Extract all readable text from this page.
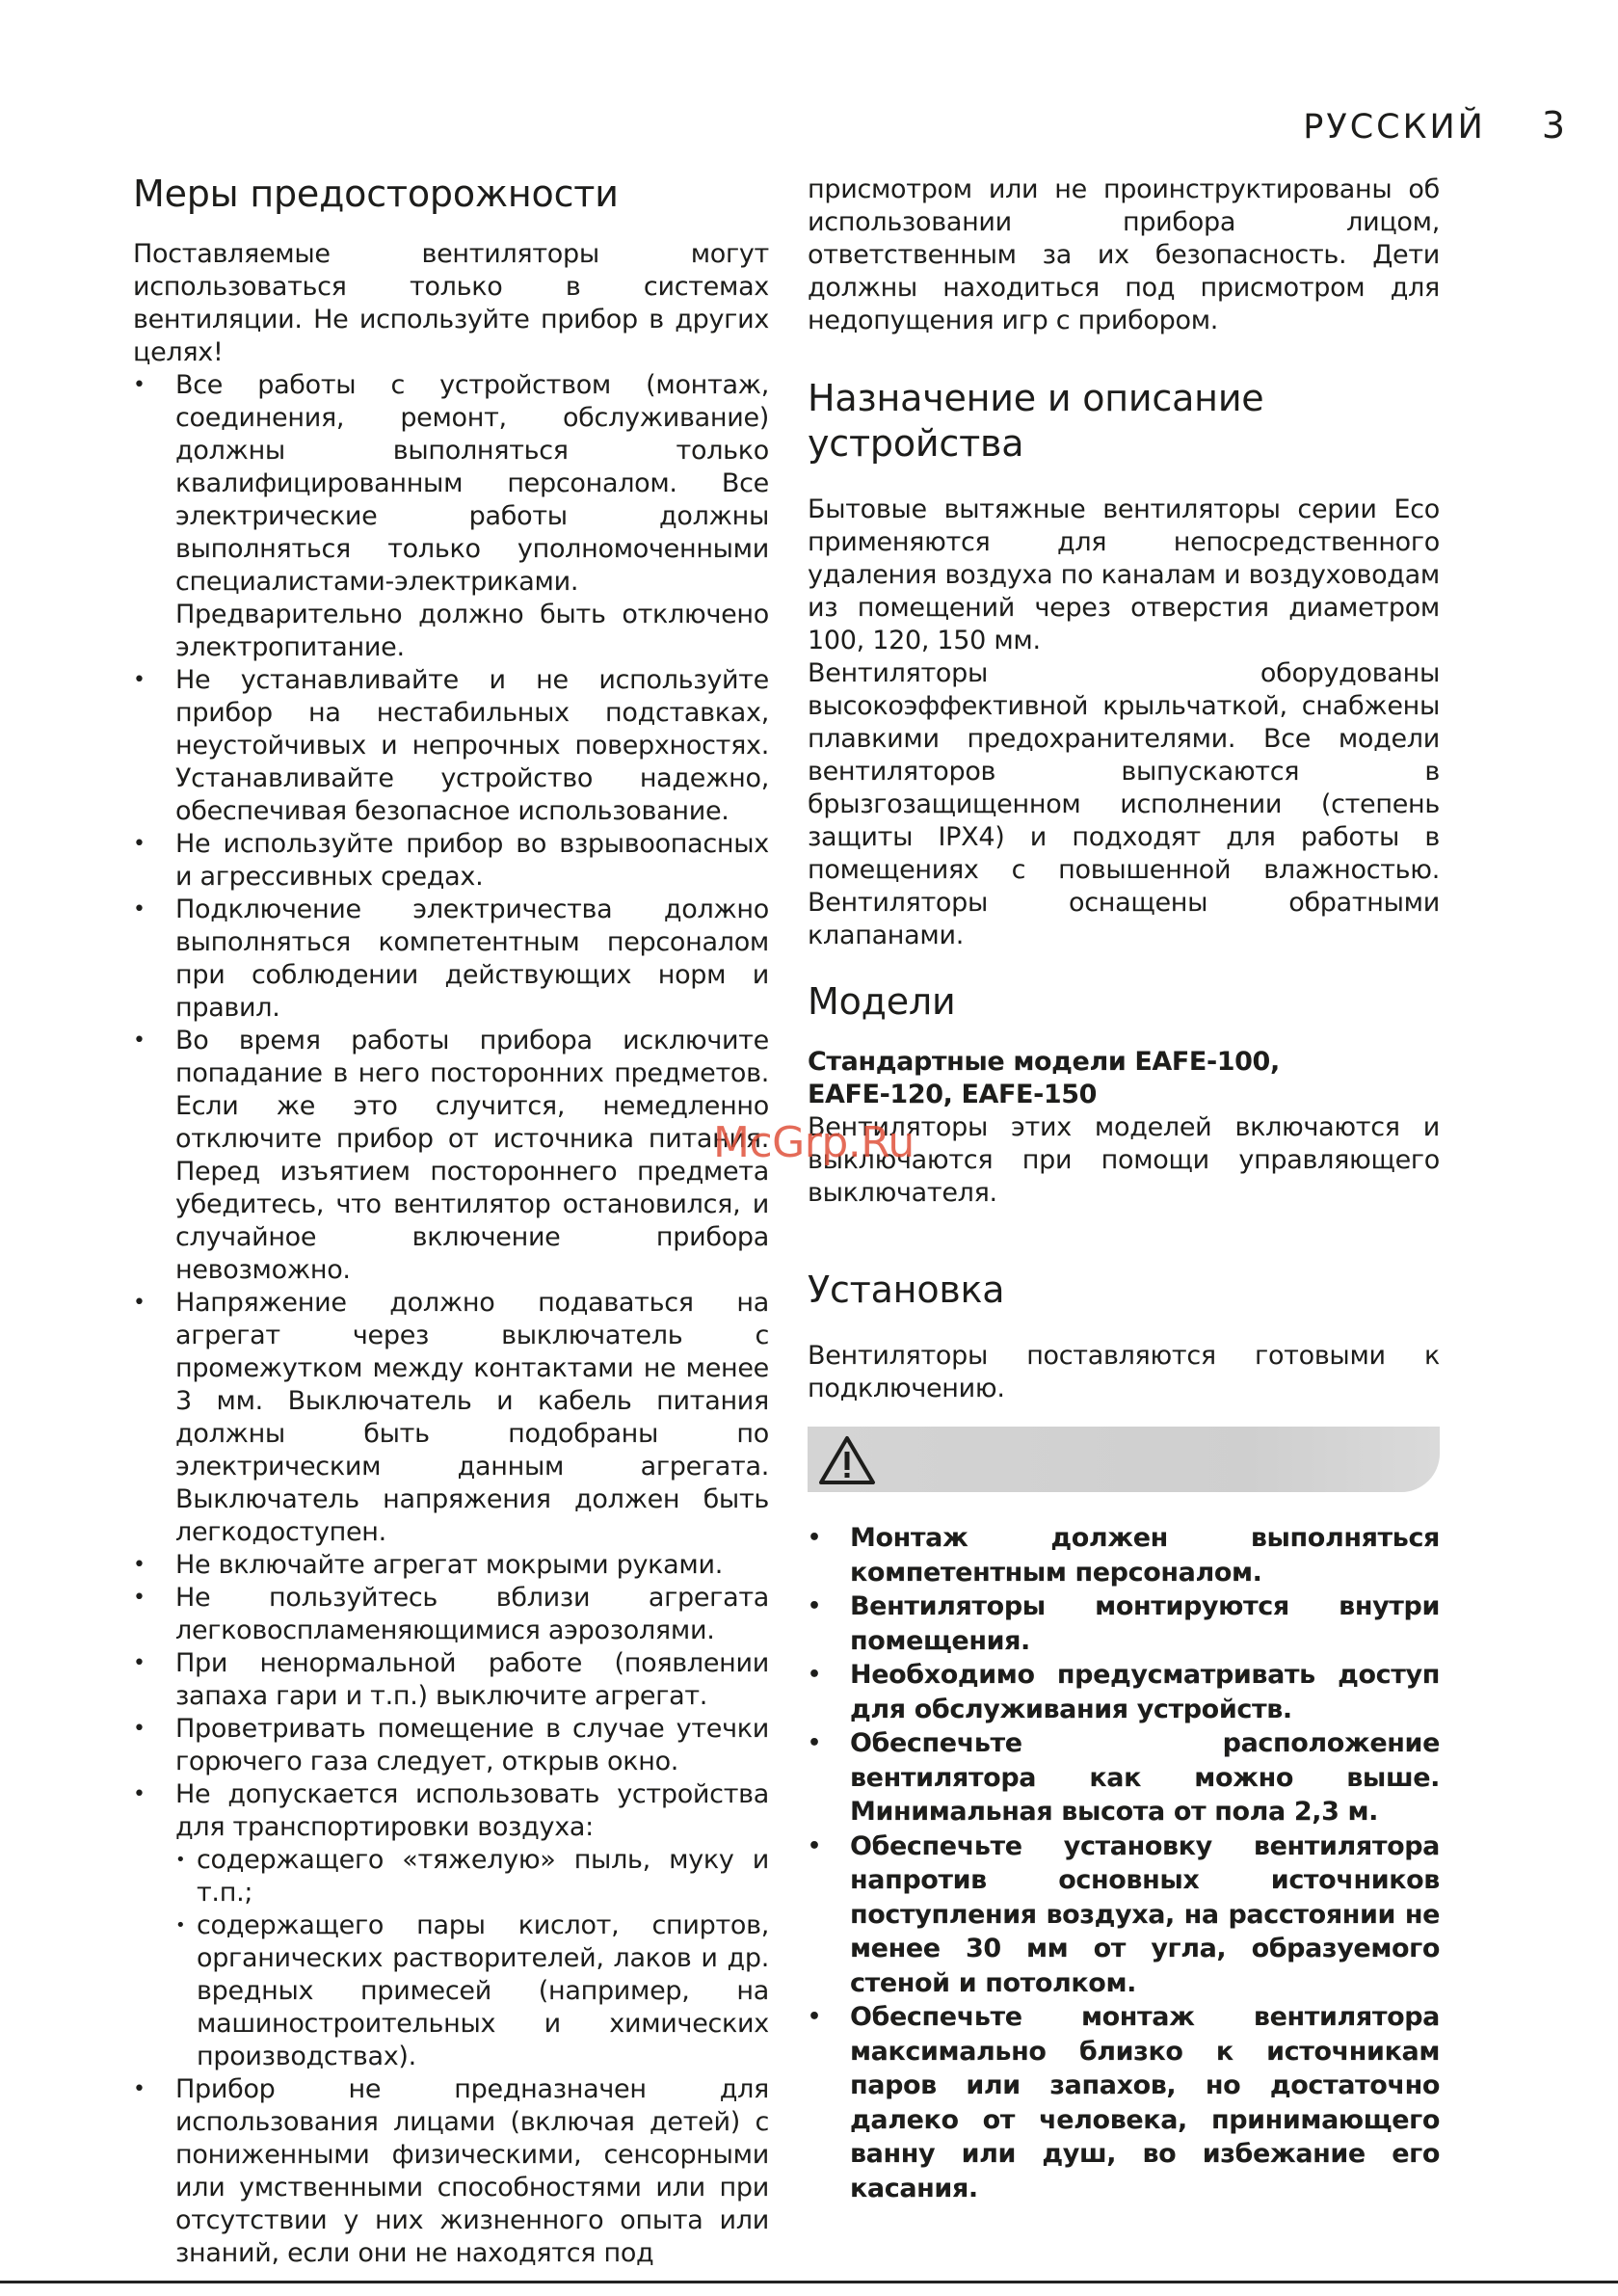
РУССКИЙ 3
Меры предосторожности

Поставляемые вентиляторы могут использоваться только в системах вентиляции. Не используйте прибор в других целях!

• Все работы с устройством (монтаж, соединения, ремонт, обслуживание) должны выполняться только квалифицированным персоналом. Все электрические работы должны выполняться только уполномоченными специалистами-электриками. Предварительно должно быть отключено электропитание.
• Не устанавливайте и не используйте прибор на нестабильных подставках, неустойчивых и непрочных поверхностях. Устанавливайте устройство надежно, обеспечивая безопасное использование.
• Не используйте прибор во взрывоопасных и агрессивных средах.
• Подключение электричества должно выполняться компетентным персоналом при соблюдении действующих норм и правил.
• Во время работы прибора исключите попадание в него посторонних предметов. Если же это случится, немедленно отключите прибор от источника питания. Перед изъятием постороннего предмета убедитесь, что вентилятор остановился, и случайное включение прибора невозможно.
• Напряжение должно подаваться на агрегат через выключатель с промежутком между контактами не менее 3 мм. Выключатель и кабель питания должны быть подобраны по электрическим данным агрегата. Выключатель напряжения должен быть легкодоступен.
• Не включайте агрегат мокрыми руками.
• Не пользуйтесь вблизи агрегата легковоспламеняющимися аэрозолями.
• При ненормальной работе (появлении запаха гари и т.п.) выключите агрегат.
• Проветривать помещение в случае утечки горючего газа следует, открыв окно.
• Не допускается использовать устройства для транспортировки воздуха:
• содержащего «тяжелую» пыль, муку и т.п.;
• содержащего пары кислот, спиртов, органических растворителей, лаков и др. вредных примесей (например, на машиностроительных и химических производствах).
• Прибор не предназначен для использования лицами (включая детей) с пониженными физическими, сенсорными или умственными способностями или при отсутствии у них жизненного опыта или знаний, если они не находятся под

присмотром или не проинструктированы об использовании прибора лицом, ответственным за их безопасность. Дети должны находиться под присмотром для недопущения игр с прибором.

Назначение и описание устройства

Бытовые вытяжные вентиляторы серии Eco применяются для непосредственного удаления воздуха по каналам и воздуховодам из помещений через отверстия диаметром 100, 120, 150 мм.

Вентиляторы оборудованы высокоэффективной крыльчаткой, снабжены плавкими предохранителями. Все модели вентиляторов выпускаются в брызгозащищенном исполнении (степень защиты IPX4) и подходят для работы в помещениях с повышенной влажностью. Вентиляторы оснащены обратными клапанами.

Модели

Стандартные модели EAFE-100, EAFE-120, EAFE-150

Вентиляторы этих моделей включаются и выключаются при помощи управляющего выключателя.

Установка

Вентиляторы поставляются готовыми к подключению.

• Монтаж должен выполняться компетентным персоналом.
• Вентиляторы монтируются внутри помещения.
• Необходимо предусматривать доступ для обслуживания устройств.
• Обеспечьте расположение вентилятора как можно выше. Минимальная высота от пола 2,3 м.
• Обеспечьте установку вентилятора напротив основных источников поступления воздуха, на расстоянии не менее 30 мм от угла, образуемого стеной и потолком.
• Обеспечьте монтаж вентилятора максимально близко к источникам паров или запахов, но достаточно далеко от человека, принимающего ванну или душ, во избежание его касания.
McGrp.Ru
